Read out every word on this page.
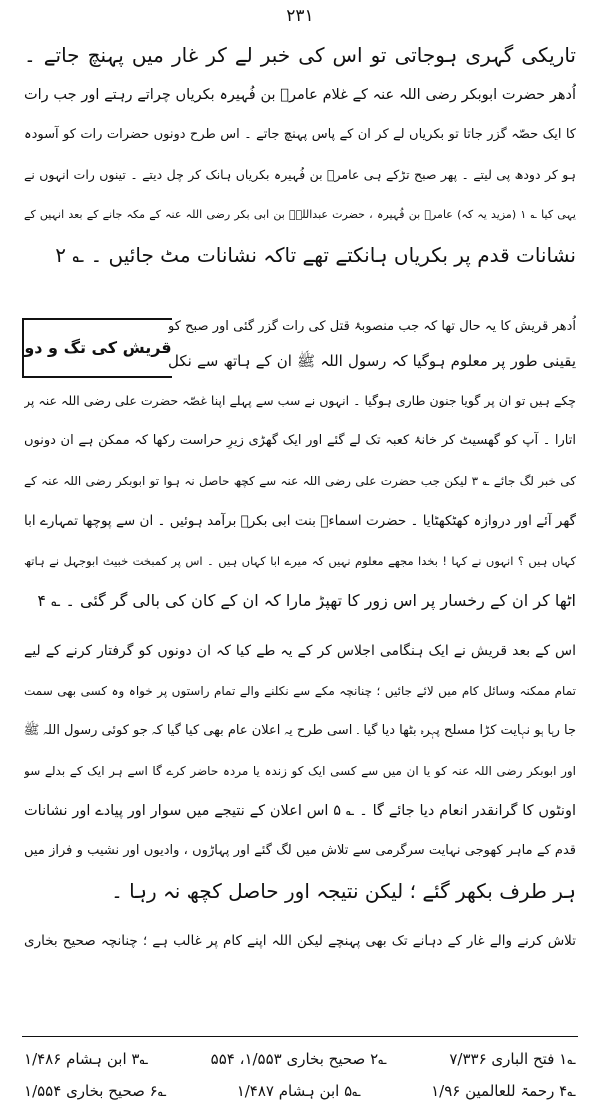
۲۳۱
تاریکی گہری ہوجاتی تو اس کی خبر لے کر غار میں پہنچ جاتے ۔
اُدھر حضرت ابوبکر رضی اللہ عنہ کے غلام عامرؓ بن فُہیرہ بکریاں چراتے رہتے اور جب رات
کا ایک حصّہ گزر جاتا تو بکریاں لے کر ان کے پاس پہنچ جاتے ۔ اس طرح دونوں حضرات رات کو آسودہ
ہو کر دودھ پی لیتے ۔ پھر صبح تڑکے ہی عامرؓ بن فُہیرہ بکریاں ہانک کر چل دیتے ۔ تینوں رات انہوں نے
یہی کیا ؎ ۱ (مزید یہ کہ) عامرؓ بن فُہیرہ ، حضرت عبداللہؓ بن ابی بکر رضی اللہ عنہ کے مکہ جانے کے بعد انہیں کے
نشانات قدم پر بکریاں ہانکتے تھے تاکہ نشانات مٹ جائیں ۔ ؎ ۲
قریش کی تگ و دو
اُدھر قریش کا یہ حال تھا کہ جب منصوبۂ قتل کی رات گزر گئی اور صبح کو
یقینی طور پر معلوم ہوگیا کہ رسول اللہ ﷺ ان کے ہاتھ سے نکل
چکے ہیں تو ان پر گویا جنون طاری ہوگیا ۔ انہوں نے سب سے پہلے اپنا غصّہ حضرت علی رضی اللہ عنہ پر
اتارا ۔ آپ کو گھسیٹ کر خانۂ کعبہ تک لے گئے اور ایک گھڑی زیرِ حراست رکھا کہ ممکن ہے ان دونوں
کی خبر لگ جائے ؎ ۳ لیکن جب حضرت علی رضی اللہ عنہ سے کچھ حاصل نہ ہوا تو ابوبکر رضی اللہ عنہ کے
گھر آئے اور دروازہ کھٹکھٹایا ۔ حضرت اسماءؓ بنت ابی بکرؓ برآمد ہوئیں ۔ ان سے پوچھا تمہارے ابا
کہاں ہیں ؟ انہوں نے کہا ! بخدا مجھے معلوم نہیں کہ میرے ابا کہاں ہیں ۔ اس پر کمبخت خبیث ابوجہل نے ہاتھ
اٹھا کر ان کے رخسار پر اس زور کا تھپڑ مارا کہ ان کے کان کی بالی گر گئی ۔ ؎ ۴
اس کے بعد قریش نے ایک ہنگامی اجلاس کر کے یہ طے کیا کہ ان دونوں کو گرفتار کرنے کے لیے
تمام ممکنہ وسائل کام میں لائے جائیں ؛ چنانچہ مکے سے نکلنے والے تمام راستوں پر خواہ وہ کسی بھی سمت
جا رہا ہو نہایت کڑا مسلح پہرہ بٹھا دیا گیا ۔ اسی طرح یہ اعلان عام بھی کیا گیا کہ جو کوئی رسول اللہ ﷺ
اور ابوبکر رضی اللہ عنہ کو یا ان میں سے کسی ایک کو زندہ یا مردہ حاضر کرے گا اسے ہر ایک کے بدلے سو
اونٹوں کا گرانقدر انعام دیا جائے گا ۔ ؎ ۵ اس اعلان کے نتیجے میں سوار اور پیادے اور نشانات
قدم کے ماہر کھوجی نہایت سرگرمی سے تلاش میں لگ گئے اور پہاڑوں ، وادیوں اور نشیب و فراز میں
ہر طرف بکھر گئے ؛ لیکن نتیجہ اور حاصل کچھ نہ رہا ۔
تلاش کرنے والے غار کے دہانے تک بھی پہنچے لیکن اللہ اپنے کام پر غالب ہے ؛ چنانچہ صحیح بخاری
؎۱ فتح الباری ۷/۳۳۶
؎۲ صحیح بخاری ۱/۵۵۳، ۵۵۴
؎۳ ابن ہشام ۱/۴۸۶
؎۴ رحمۃ للعالمین ۱/۹۶
؎۵ ابن ہشام ۱/۴۸۷
؎۶ صحیح بخاری ۱/۵۵۴
